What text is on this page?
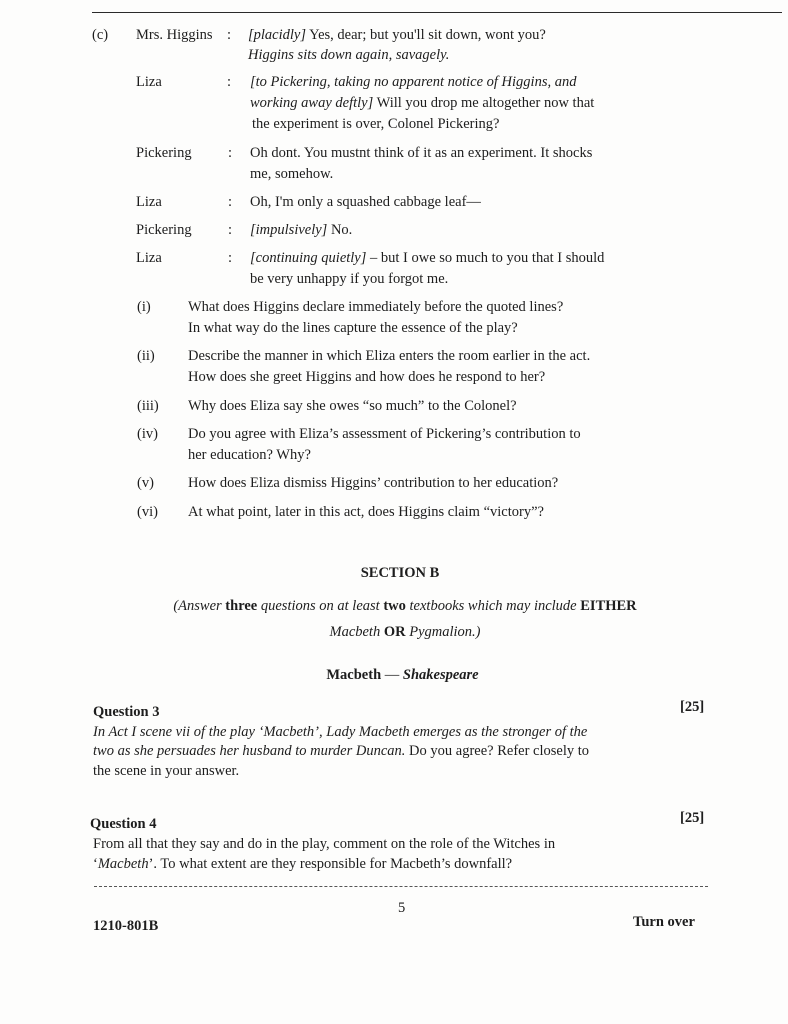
(c) Mrs. Higgins : [placidly] Yes, dear; but you'll sit down, wont you?
Higgins sits down again, savagely.
Liza	: [to Pickering, taking no apparent notice of Higgins, and
working away deftly] Will you drop me altogether now that
the experiment is over, Colonel Pickering?
Pickering	: Oh dont. You mustnt think of it as an experiment. It shocks
me, somehow.
Liza	: Oh, I'm only a squashed cabbage leaf—
Pickering	: [impulsively] No.
Liza	: [continuing quietly] – but I owe so much to you that I should
be very unhappy if you forgot me.
(i)	What does Higgins declare immediately before the quoted lines?
In what way do the lines capture the essence of the play?
(ii) Describe the manner in which Eliza enters the room earlier in the act.
How does she greet Higgins and how does he respond to her?
(iii) Why does Eliza say she owes “so much” to the Colonel?
(iv) Do you agree with Eliza’s assessment of Pickering’s contribution to
her education? Why?
(v) How does Eliza dismiss Higgins’ contribution to her education?
(vi) At what point, later in this act, does Higgins claim “victory”?
SECTION B
(Answer three questions on at least two textbooks which may include EITHER
Macbeth OR Pygmalion.)
Macbeth — Shakespeare
Question 3	[25]
In Act I scene vii of the play ‘Macbeth’, Lady Macbeth emerges as the stronger of the
two as she persuades her husband to murder Duncan. Do you agree? Refer closely to
the scene in your answer.
Question 4	[25]
From all that they say and do in the play, comment on the role of the Witches in
‘Macbeth’. To what extent are they responsible for Macbeth’s downfall?
5
1210-801B	Turn over
